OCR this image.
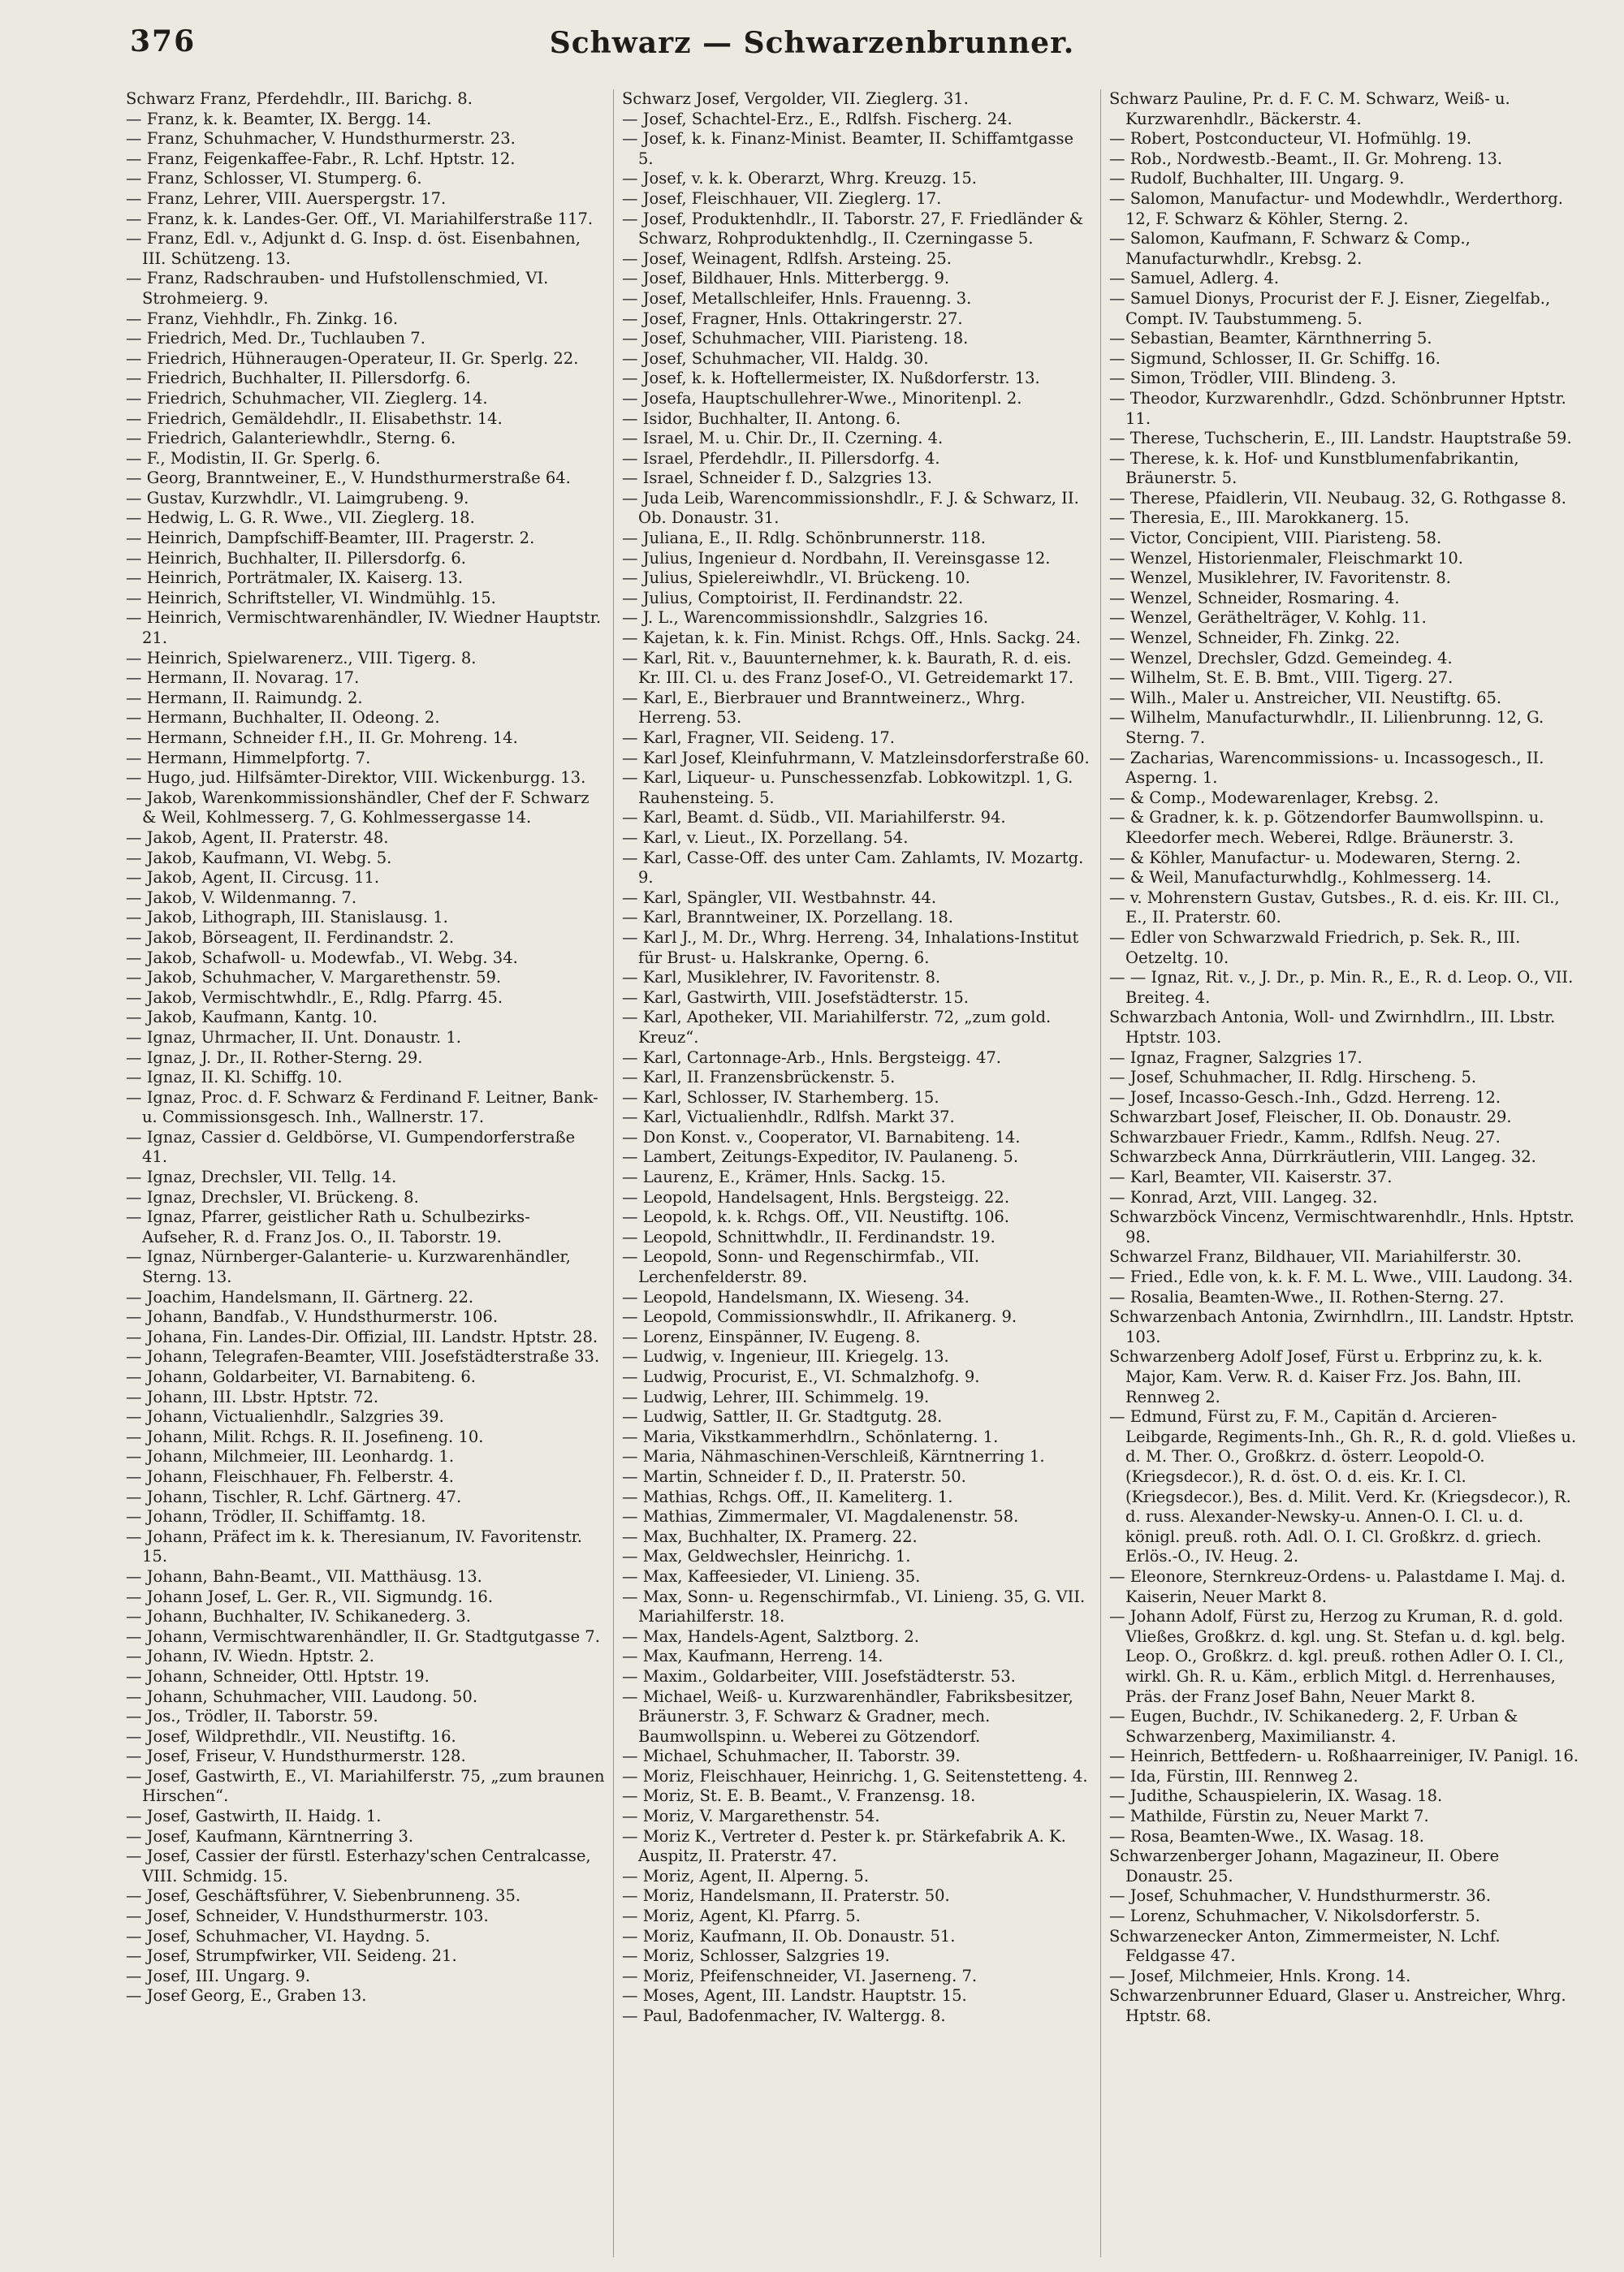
376	Schwarz — Schwarzenbrunner.

Schwarz Franz, Pferdehdlr., III. Barichg. 8.

— Franz, k. k. Beamter, IX. Bergg. 14.

— Franz, Schuhmacher, V. Hundsthurmerstr. 23.

— Franz, Feigenkaffee-Fabr., R. Lchf. Hptstr. 12.

— Franz, Schlosser, VI. Stumperg. 6.

— Franz, Lehrer, VIII. Auerspergstr. 17.

— Franz, k. k. Landes-Ger. Off., VI. Mariahilferstraße 117.

— Franz, Edl. v., Adjunkt d. G. Insp. d. öst. Eisenbahnen, III. Schützeng. 13.

— Franz, Radschrauben- und Hufstollenschmied, VI. Strohmeierg. 9.

— Franz, Viehhdlr., Fh. Zinkg. 16.

— Friedrich, Med. Dr., Tuchlauben 7.

— Friedrich, Hühneraugen-Operateur, II. Gr. Sperlg. 22.

— Friedrich, Buchhalter, II. Pillersdorfg. 6.

— Friedrich, Schuhmacher, VII. Zieglerg. 14.

— Friedrich, Gemäldehdlr., II. Elisabethstr. 14.

— Friedrich, Galanteriewhdlr., Sterng. 6.

— F., Modistin, II. Gr. Sperlg. 6.

— Georg, Branntweiner, E., V. Hundsthurmerstraße 64.

— Gustav, Kurzwhdlr., VI. Laimgrubeng. 9.

— Hedwig, L. G. R. Wwe., VII. Zieglerg. 18.

— Heinrich, Dampfschiff-Beamter, III. Pragerstr. 2.

— Heinrich, Buchhalter, II. Pillersdorfg. 6.

— Heinrich, Porträtmaler, IX. Kaiserg. 13.

— Heinrich, Schriftsteller, VI. Windmühlg. 15.

— Heinrich, Vermischtwarenhändler, IV. Wiedner Hauptstr. 21.

— Heinrich, Spielwarenerz., VIII. Tigerg. 8.

— Hermann, II. Novarag. 17.

— Hermann, II. Raimundg. 2.

— Hermann, Buchhalter, II. Odeong. 2.

— Hermann, Schneider f.H., II. Gr. Mohreng. 14.

— Hermann, Himmelpfortg. 7.

— Hugo, jud. Hilfsämter-Direktor, VIII. Wickenburgg. 13.

— Jakob, Warenkommissionshändler, Chef der F. Schwarz & Weil, Kohlmesserg. 7, G. Kohlmessergasse 14.

— Jakob, Agent, II. Praterstr. 48.

— Jakob, Kaufmann, VI. Webg. 5.

— Jakob, Agent, II. Circusg. 11.

— Jakob, V. Wildenmanng. 7.

— Jakob, Lithograph, III. Stanislausg. 1.

— Jakob, Börseagent, II. Ferdinandstr. 2.

— Jakob, Schafwoll- u. Modewfab., VI. Webg. 34.

— Jakob, Schuhmacher, V. Margarethenstr. 59.

— Jakob, Vermischtwhdlr., E., Rdlg. Pfarrg. 45.

— Jakob, Kaufmann, Kantg. 10.

— Ignaz, Uhrmacher, II. Unt. Donaustr. 1.

— Ignaz, J. Dr., II. Rother-Sterng. 29.

— Ignaz, II. Kl. Schiffg. 10.

— Ignaz, Proc. d. F. Schwarz & Ferdinand F. Leitner, Bank- u. Commissionsgesch. Inh., Wallnerstr. 17.

— Ignaz, Cassier d. Geldbörse, VI. Gumpendorferstraße 41.

— Ignaz, Drechsler, VII. Tellg. 14.

— Ignaz, Drechsler, VI. Brückeng. 8.

— Ignaz, Pfarrer, geistlicher Rath u. Schulbezirks-Aufseher, R. d. Franz Jos. O., II. Taborstr. 19.

— Ignaz, Nürnberger-Galanterie- u. Kurzwarenhändler, Sterng. 13.

— Joachim, Handelsmann, II. Gärtnerg. 22.

— Johann, Bandfab., V. Hundsthurmerstr. 106.

— Johana, Fin. Landes-Dir. Offizial, III. Landstr. Hptstr. 28.

— Johann, Telegrafen-Beamter, VIII. Josefstädterstraße 33.

— Johann, Goldarbeiter, VI. Barnabiteng. 6.

— Johann, III. Lbstr. Hptstr. 72.

— Johann, Victualienhdlr., Salzgries 39.

— Johann, Milit. Rchgs. R. II. Josefineng. 10.

— Johann, Milchmeier, III. Leonhardg. 1.

— Johann, Fleischhauer, Fh. Felberstr. 4.

— Johann, Tischler, R. Lchf. Gärtnerg. 47.

— Johann, Trödler, II. Schiffamtg. 18.

— Johann, Präfect im k. k. Theresianum, IV. Favoritenstr. 15.

— Johann, Bahn-Beamt., VII. Matthäusg. 13.

— Johann Josef, L. Ger. R., VII. Sigmundg. 16.

— Johann, Buchhalter, IV. Schikanederg. 3.

— Johann, Vermischtwarenhändler, II. Gr. Stadtgutgasse 7.

— Johann, IV. Wiedn. Hptstr. 2.

— Johann, Schneider, Ottl. Hptstr. 19.

— Johann, Schuhmacher, VIII. Laudong. 50.

— Jos., Trödler, II. Taborstr. 59.

— Josef, Wildprethdlr., VII. Neustiftg. 16.

— Josef, Friseur, V. Hundsthurmerstr. 128.

— Josef, Gastwirth, E., VI. Mariahilferstr. 75, „zum braunen Hirschen“.

— Josef, Gastwirth, II. Haidg. 1.

— Josef, Kaufmann, Kärntnerring 3.

— Josef, Cassier der fürstl. Esterhazy'schen Centralcasse, VIII. Schmidg. 15.

— Josef, Geschäftsführer, V. Siebenbrunneng. 35.

— Josef, Schneider, V. Hundsthurmerstr. 103.

— Josef, Schuhmacher, VI. Haydng. 5.

— Josef, Strumpfwirker, VII. Seideng. 21.

— Josef, III. Ungarg. 9.

— Josef Georg, E., Graben 13.

Schwarz Josef, Vergolder, VII. Zieglerg. 31.

— Josef, Schachtel-Erz., E., Rdlfsh. Fischerg. 24.

— Josef, k. k. Finanz-Minist. Beamter, II. Schiffamtgasse 5.

— Josef, v. k. k. Oberarzt, Whrg. Kreuzg. 15.

— Josef, Fleischhauer, VII. Zieglerg. 17.

— Josef, Produktenhdlr., II. Taborstr. 27, F. Friedländer & Schwarz, Rohproduktenhdlg., II. Czerningasse 5.

— Josef, Weinagent, Rdlfsh. Arsteing. 25.

— Josef, Bildhauer, Hnls. Mitterbergg. 9.

— Josef, Metallschleifer, Hnls. Frauenng. 3.

— Josef, Fragner, Hnls. Ottakringerstr. 27.

— Josef, Schuhmacher, VIII. Piaristeng. 18.

— Josef, Schuhmacher, VII. Haldg. 30.

— Josef, k. k. Hoftellermeister, IX. Nußdorferstr. 13.

— Josefa, Hauptschullehrer-Wwe., Minoritenpl. 2.

— Isidor, Buchhalter, II. Antong. 6.

— Israel, M. u. Chir. Dr., II. Czerning. 4.

— Israel, Pferdehdlr., II. Pillersdorfg. 4.

— Israel, Schneider f. D., Salzgries 13.

— Juda Leib, Warencommissionshdlr., F. J. & Schwarz, II. Ob. Donaustr. 31.

— Juliana, E., II. Rdlg. Schönbrunnerstr. 118.

— Julius, Ingenieur d. Nordbahn, II. Vereinsgasse 12.

— Julius, Spielereiwhdlr., VI. Brückeng. 10.

— Julius, Comptoirist, II. Ferdinandstr. 22.

— J. L., Warencommissionshdlr., Salzgries 16.

— Kajetan, k. k. Fin. Minist. Rchgs. Off., Hnls. Sackg. 24.

— Karl, Rit. v., Bauunternehmer, k. k. Baurath, R. d. eis. Kr. III. Cl. u. des Franz Josef-O., VI. Getreidemarkt 17.

— Karl, E., Bierbrauer und Branntweinerz., Whrg. Herreng. 53.

— Karl, Fragner, VII. Seideng. 17.

— Karl Josef, Kleinfuhrmann, V. Matzleinsdorferstraße 60.

— Karl, Liqueur- u. Punschessenzfab. Lobkowitzpl. 1, G. Rauhensteing. 5.

— Karl, Beamt. d. Südb., VII. Mariahilferstr. 94.

— Karl, v. Lieut., IX. Porzellang. 54.

— Karl, Casse-Off. des unter Cam. Zahlamts, IV. Mozartg. 9.

— Karl, Spängler, VII. Westbahnstr. 44.

— Karl, Branntweiner, IX. Porzellang. 18.

— Karl J., M. Dr., Whrg. Herreng. 34, Inhalations-Institut für Brust- u. Halskranke, Operng. 6.

— Karl, Musiklehrer, IV. Favoritenstr. 8.

— Karl, Gastwirth, VIII. Josefstädterstr. 15.

— Karl, Apotheker, VII. Mariahilferstr. 72, „zum gold. Kreuz“.

— Karl, Cartonnage-Arb., Hnls. Bergsteigg. 47.

— Karl, II. Franzensbrückenstr. 5.

— Karl, Schlosser, IV. Starhemberg. 15.

— Karl, Victualienhdlr., Rdlfsh. Markt 37.

— Don Konst. v., Cooperator, VI. Barnabiteng. 14.

— Lambert, Zeitungs-Expeditor, IV. Paulaneng. 5.

— Laurenz, E., Krämer, Hnls. Sackg. 15.

— Leopold, Handelsagent, Hnls. Bergsteigg. 22.

— Leopold, k. k. Rchgs. Off., VII. Neustiftg. 106.

— Leopold, Schnittwhdlr., II. Ferdinandstr. 19.

— Leopold, Sonn- und Regenschirmfab., VII. Lerchenfelderstr. 89.

— Leopold, Handelsmann, IX. Wieseng. 34.

— Leopold, Commissionswhdlr., II. Afrikanerg. 9.

— Lorenz, Einspänner, IV. Eugeng. 8.

— Ludwig, v. Ingenieur, III. Kriegelg. 13.

— Ludwig, Procurist, E., VI. Schmalzhofg. 9.

— Ludwig, Lehrer, III. Schimmelg. 19.

— Ludwig, Sattler, II. Gr. Stadtgutg. 28.

— Maria, Vikstkammerhdlrn., Schönlaterng. 1.

— Maria, Nähmaschinen-Verschleiß, Kärntnerring 1.

— Martin, Schneider f. D., II. Praterstr. 50.

— Mathias, Rchgs. Off., II. Kameliterg. 1.

— Mathias, Zimmermaler, VI. Magdalenenstr. 58.

— Max, Buchhalter, IX. Pramerg. 22.

— Max, Geldwechsler, Heinrichg. 1.

— Max, Kaffeesieder, VI. Linieng. 35.

— Max, Sonn- u. Regenschirmfab., VI. Linieng. 35, G. VII. Mariahilferstr. 18.

— Max, Handels-Agent, Salztborg. 2.

— Max, Kaufmann, Herreng. 14.

— Maxim., Goldarbeiter, VIII. Josefstädterstr. 53.

— Michael, Weiß- u. Kurzwarenhändler, Fabriksbesitzer, Bräunerstr. 3, F. Schwarz & Gradner, mech. Baumwollspinn. u. Weberei zu Götzendorf.

— Michael, Schuhmacher, II. Taborstr. 39.

— Moriz, Fleischhauer, Heinrichg. 1, G. Seitenstetteng. 4.

— Moriz, St. E. B. Beamt., V. Franzensg. 18.

— Moriz, V. Margarethenstr. 54.

— Moriz K., Vertreter d. Pester k. pr. Stärkefabrik A. K. Auspitz, II. Praterstr. 47.

— Moriz, Agent, II. Alperng. 5.

— Moriz, Handelsmann, II. Praterstr. 50.

— Moriz, Agent, Kl. Pfarrg. 5.

— Moriz, Kaufmann, II. Ob. Donaustr. 51.

— Moriz, Schlosser, Salzgries 19.

— Moriz, Pfeifenschneider, VI. Jaserneng. 7.

— Moses, Agent, III. Landstr. Hauptstr. 15.

— Paul, Badofenmacher, IV. Waltergg. 8.

Schwarz Pauline, Pr. d. F. C. M. Schwarz, Weiß- u. Kurzwarenhdlr., Bäckerstr. 4.

— Robert, Postconducteur, VI. Hofmühlg. 19.

— Rob., Nordwestb.-Beamt., II. Gr. Mohreng. 13.

— Rudolf, Buchhalter, III. Ungarg. 9.

— Salomon, Manufactur- und Modewhdlr., Werderthorg. 12, F. Schwarz & Köhler, Sterng. 2.

— Salomon, Kaufmann, F. Schwarz & Comp., Manufacturwhdlr., Krebsg. 2.

— Samuel, Adlerg. 4.

— Samuel Dionys, Procurist der F. J. Eisner, Ziegelfab., Compt. IV. Taubstummeng. 5.

— Sebastian, Beamter, Kärnthnerring 5.

— Sigmund, Schlosser, II. Gr. Schiffg. 16.

— Simon, Trödler, VIII. Blindeng. 3.

— Theodor, Kurzwarenhdlr., Gdzd. Schönbrunner Hptstr. 11.

— Therese, Tuchscherin, E., III. Landstr. Hauptstraße 59.

— Therese, k. k. Hof- und Kunstblumenfabrikantin, Bräunerstr. 5.

— Therese, Pfaidlerin, VII. Neubaug. 32, G. Rothgasse 8.

— Theresia, E., III. Marokkanerg. 15.

— Victor, Concipient, VIII. Piaristeng. 58.

— Wenzel, Historienmaler, Fleischmarkt 10.

— Wenzel, Musiklehrer, IV. Favoritenstr. 8.

— Wenzel, Schneider, Rosmaring. 4.

— Wenzel, Geräthelträger, V. Kohlg. 11.

— Wenzel, Schneider, Fh. Zinkg. 22.

— Wenzel, Drechsler, Gdzd. Gemeindeg. 4.

— Wilhelm, St. E. B. Bmt., VIII. Tigerg. 27.

— Wilh., Maler u. Anstreicher, VII. Neustiftg. 65.

— Wilhelm, Manufacturwhdlr., II. Lilienbrunng. 12, G. Sterng. 7.

— Zacharias, Warencommissions- u. Incassogesch., II. Asperng. 1.

— & Comp., Modewarenlager, Krebsg. 2.

— & Gradner, k. k. p. Götzendorfer Baumwollspinn. u. Kleedorfer mech. Weberei, Rdlge. Bräunerstr. 3.

— & Köhler, Manufactur- u. Modewaren, Sterng. 2.

— & Weil, Manufacturwhdlg., Kohlmesserg. 14.

— v. Mohrenstern Gustav, Gutsbes., R. d. eis. Kr. III. Cl., E., II. Praterstr. 60.

— Edler von Schwarzwald Friedrich, p. Sek. R., III. Oetzeltg. 10.

— — Ignaz, Rit. v., J. Dr., p. Min. R., E., R. d. Leop. O., VII. Breiteg. 4.

Schwarzbach Antonia, Woll- und Zwirnhdlrn., III. Lbstr. Hptstr. 103.

— Ignaz, Fragner, Salzgries 17.

— Josef, Schuhmacher, II. Rdlg. Hirscheng. 5.

— Josef, Incasso-Gesch.-Inh., Gdzd. Herreng. 12.

Schwarzbart Josef, Fleischer, II. Ob. Donaustr. 29.

Schwarzbauer Friedr., Kamm., Rdlfsh. Neug. 27.

Schwarzbeck Anna, Dürrkräutlerin, VIII. Langeg. 32.

— Karl, Beamter, VII. Kaiserstr. 37.

— Konrad, Arzt, VIII. Langeg. 32.

Schwarzböck Vincenz, Vermischtwarenhdlr., Hnls. Hptstr. 98.

Schwarzel Franz, Bildhauer, VII. Mariahilferstr. 30.

— Fried., Edle von, k. k. F. M. L. Wwe., VIII. Laudong. 34.

— Rosalia, Beamten-Wwe., II. Rothen-Sterng. 27.

Schwarzenbach Antonia, Zwirnhdlrn., III. Landstr. Hptstr. 103.

Schwarzenberg Adolf Josef, Fürst u. Erbprinz zu, k. k. Major, Kam. Verw. R. d. Kaiser Frz. Jos. Bahn, III. Rennweg 2.

— Edmund, Fürst zu, F. M., Capitän d. Arcieren-Leibgarde, Regiments-Inh., Gh. R., R. d. gold. Vließes u. d. M. Ther. O., Großkrz. d. österr. Leopold-O. (Kriegsdecor.), R. d. öst. O. d. eis. Kr. I. Cl. (Kriegsdecor.), Bes. d. Milit. Verd. Kr. (Kriegsdecor.), R. d. russ. Alexander-Newsky-u. Annen-O. I. Cl. u. d. königl. preuß. roth. Adl. O. I. Cl. Großkrz. d. griech. Erlös.-O., IV. Heug. 2.

— Eleonore, Sternkreuz-Ordens- u. Palastdame I. Maj. d. Kaiserin, Neuer Markt 8.

— Johann Adolf, Fürst zu, Herzog zu Kruman, R. d. gold. Vließes, Großkrz. d. kgl. ung. St. Stefan u. d. kgl. belg. Leop. O., Großkrz. d. kgl. preuß. rothen Adler O. I. Cl., wirkl. Gh. R. u. Käm., erblich Mitgl. d. Herrenhauses, Präs. der Franz Josef Bahn, Neuer Markt 8.

— Eugen, Buchdr., IV. Schikanederg. 2, F. Urban & Schwarzenberg, Maximilianstr. 4.

— Heinrich, Bettfedern- u. Roßhaarreiniger, IV. Panigl. 16.

— Ida, Fürstin, III. Rennweg 2.

— Judithe, Schauspielerin, IX. Wasag. 18.

— Mathilde, Fürstin zu, Neuer Markt 7.

— Rosa, Beamten-Wwe., IX. Wasag. 18.

Schwarzenberger Johann, Magazineur, II. Obere Donaustr. 25.

— Josef, Schuhmacher, V. Hundsthurmerstr. 36.

— Lorenz, Schuhmacher, V. Nikolsdorferstr. 5.

Schwarzenecker Anton, Zimmermeister, N. Lchf. Feldgasse 47.

— Josef, Milchmeier, Hnls. Krong. 14.

Schwarzenbrunner Eduard, Glaser u. Anstreicher, Whrg. Hptstr. 68.
